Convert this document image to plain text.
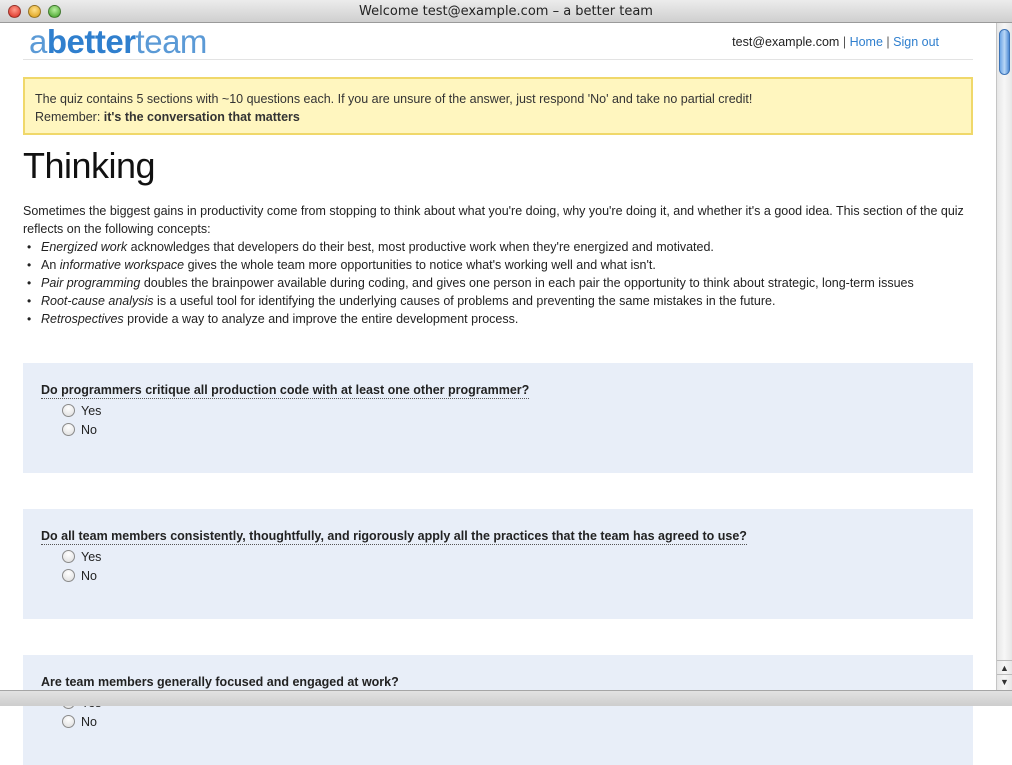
Welcome test@example.com – a better team
abetterteam	test@example.com | Home | Sign out
The quiz contains 5 sections with ~10 questions each. If you are unsure of the answer, just respond 'No' and take no partial credit!
Remember: it's the conversation that matters
Thinking

Sometimes the biggest gains in productivity come from stopping to think about what you're doing, why you're doing it, and whether it's a good idea. This section of the quiz reflects on the following concepts:

• Energized work acknowledges that developers do their best, most productive work when they're energized and motivated.
• An informative workspace gives the whole team more opportunities to notice what's working well and what isn't.
• Pair programming doubles the brainpower available during coding, and gives one person in each pair the opportunity to think about strategic, long-term issues
• Root-cause analysis is a useful tool for identifying the underlying causes of problems and preventing the same mistakes in the future.
• Retrospectives provide a way to analyze and improve the entire development process.
Do programmers critique all production code with at least one other programmer?
Yes
No
Do all team members consistently, thoughtfully, and rigorously apply all the practices that the team has agreed to use?
Yes
No
Are team members generally focused and engaged at work?
No
▲
▼
